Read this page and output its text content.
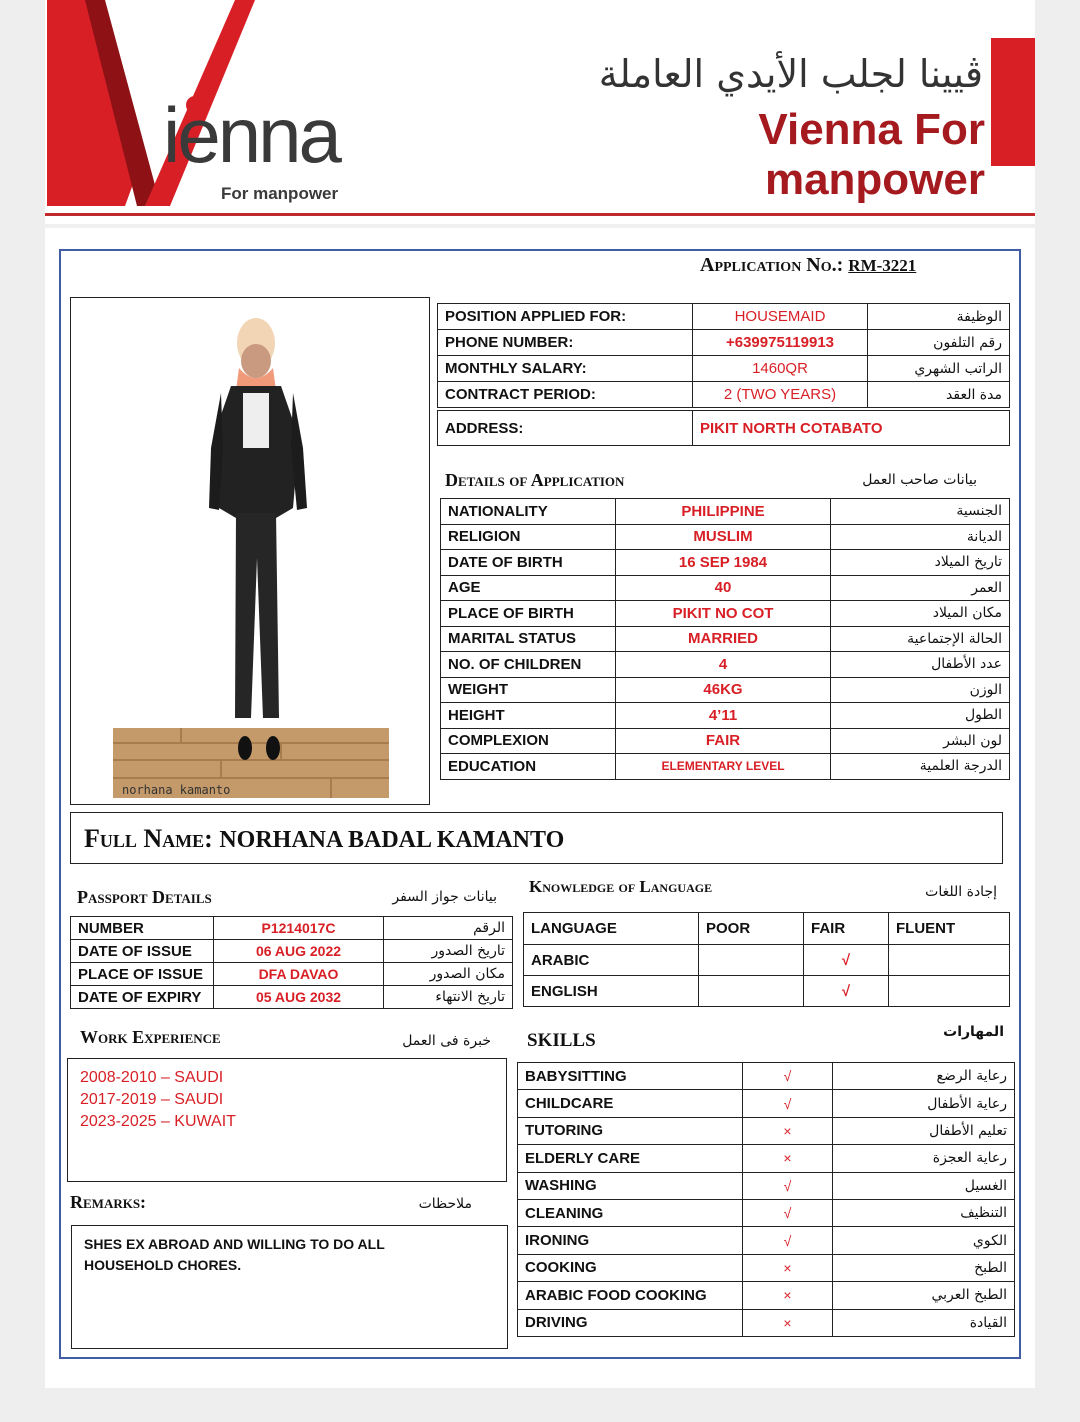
ienna
For manpower
ڤيينا لجلب الأيدي العاملة
Vienna For manpower
Application No.: RM-3221
norhana kamanto
POSITION APPLIED FOR:	HOUSEMAID	الوظيفة
PHONE NUMBER:	+639975119913	رقم التلفون
MONTHLY SALARY:	1460QR	الراتب الشهري
CONTRACT PERIOD:	2 (TWO YEARS)	مدة العقد
ADDRESS:	PIKIT NORTH COTABATO
Details of Application	بيانات صاحب العمل
NATIONALITY	PHILIPPINE	الجنسية
RELIGION	MUSLIM	الديانة
DATE OF BIRTH	16 SEP 1984	تاريخ الميلاد
AGE	40	العمر
PLACE OF BIRTH	PIKIT NO COT	مكان الميلاد
MARITAL STATUS	MARRIED	الحالة الإجتماعية
NO. OF CHILDREN	4	عدد الأطفال
WEIGHT	46KG	الوزن
HEIGHT	4’11	الطول
COMPLEXION	FAIR	لون البشر
EDUCATION	ELEMENTARY LEVEL	الدرجة العلمية
Full Name: NORHANA BADAL KAMANTO
Passport Details	بيانات جواز السفر
NUMBER	P1214017C	الرقم
DATE OF ISSUE	06 AUG 2022	تاريخ الصدور
PLACE OF ISSUE	DFA DAVAO	مكان الصدور
DATE OF EXPIRY	05 AUG 2032	تاريخ الانتهاء
Knowledge of Language	إجادة اللغات
LANGUAGE	POOR	FAIR	FLUENT
ARABIC		√	
ENGLISH		√	
Work Experience	خبرة فى العمل
2008-2010 – SAUDI
2017-2019 – SAUDI
2023-2025 – KUWAIT
Remarks:	ملاحظات
SHES EX ABROAD AND WILLING TO DO ALL HOUSEHOLD CHORES.
SKILLS	المهارات
BABYSITTING	√	رعاية الرضع
CHILDCARE	√	رعاية الأطفال
TUTORING	×	تعليم الأطفال
ELDERLY CARE	×	رعاية العجزة
WASHING	√	الغسيل
CLEANING	√	التنظيف
IRONING	√	الكوي
COOKING	×	الطبخ
ARABIC FOOD COOKING	×	الطبخ العربي
DRIVING	×	القيادة
